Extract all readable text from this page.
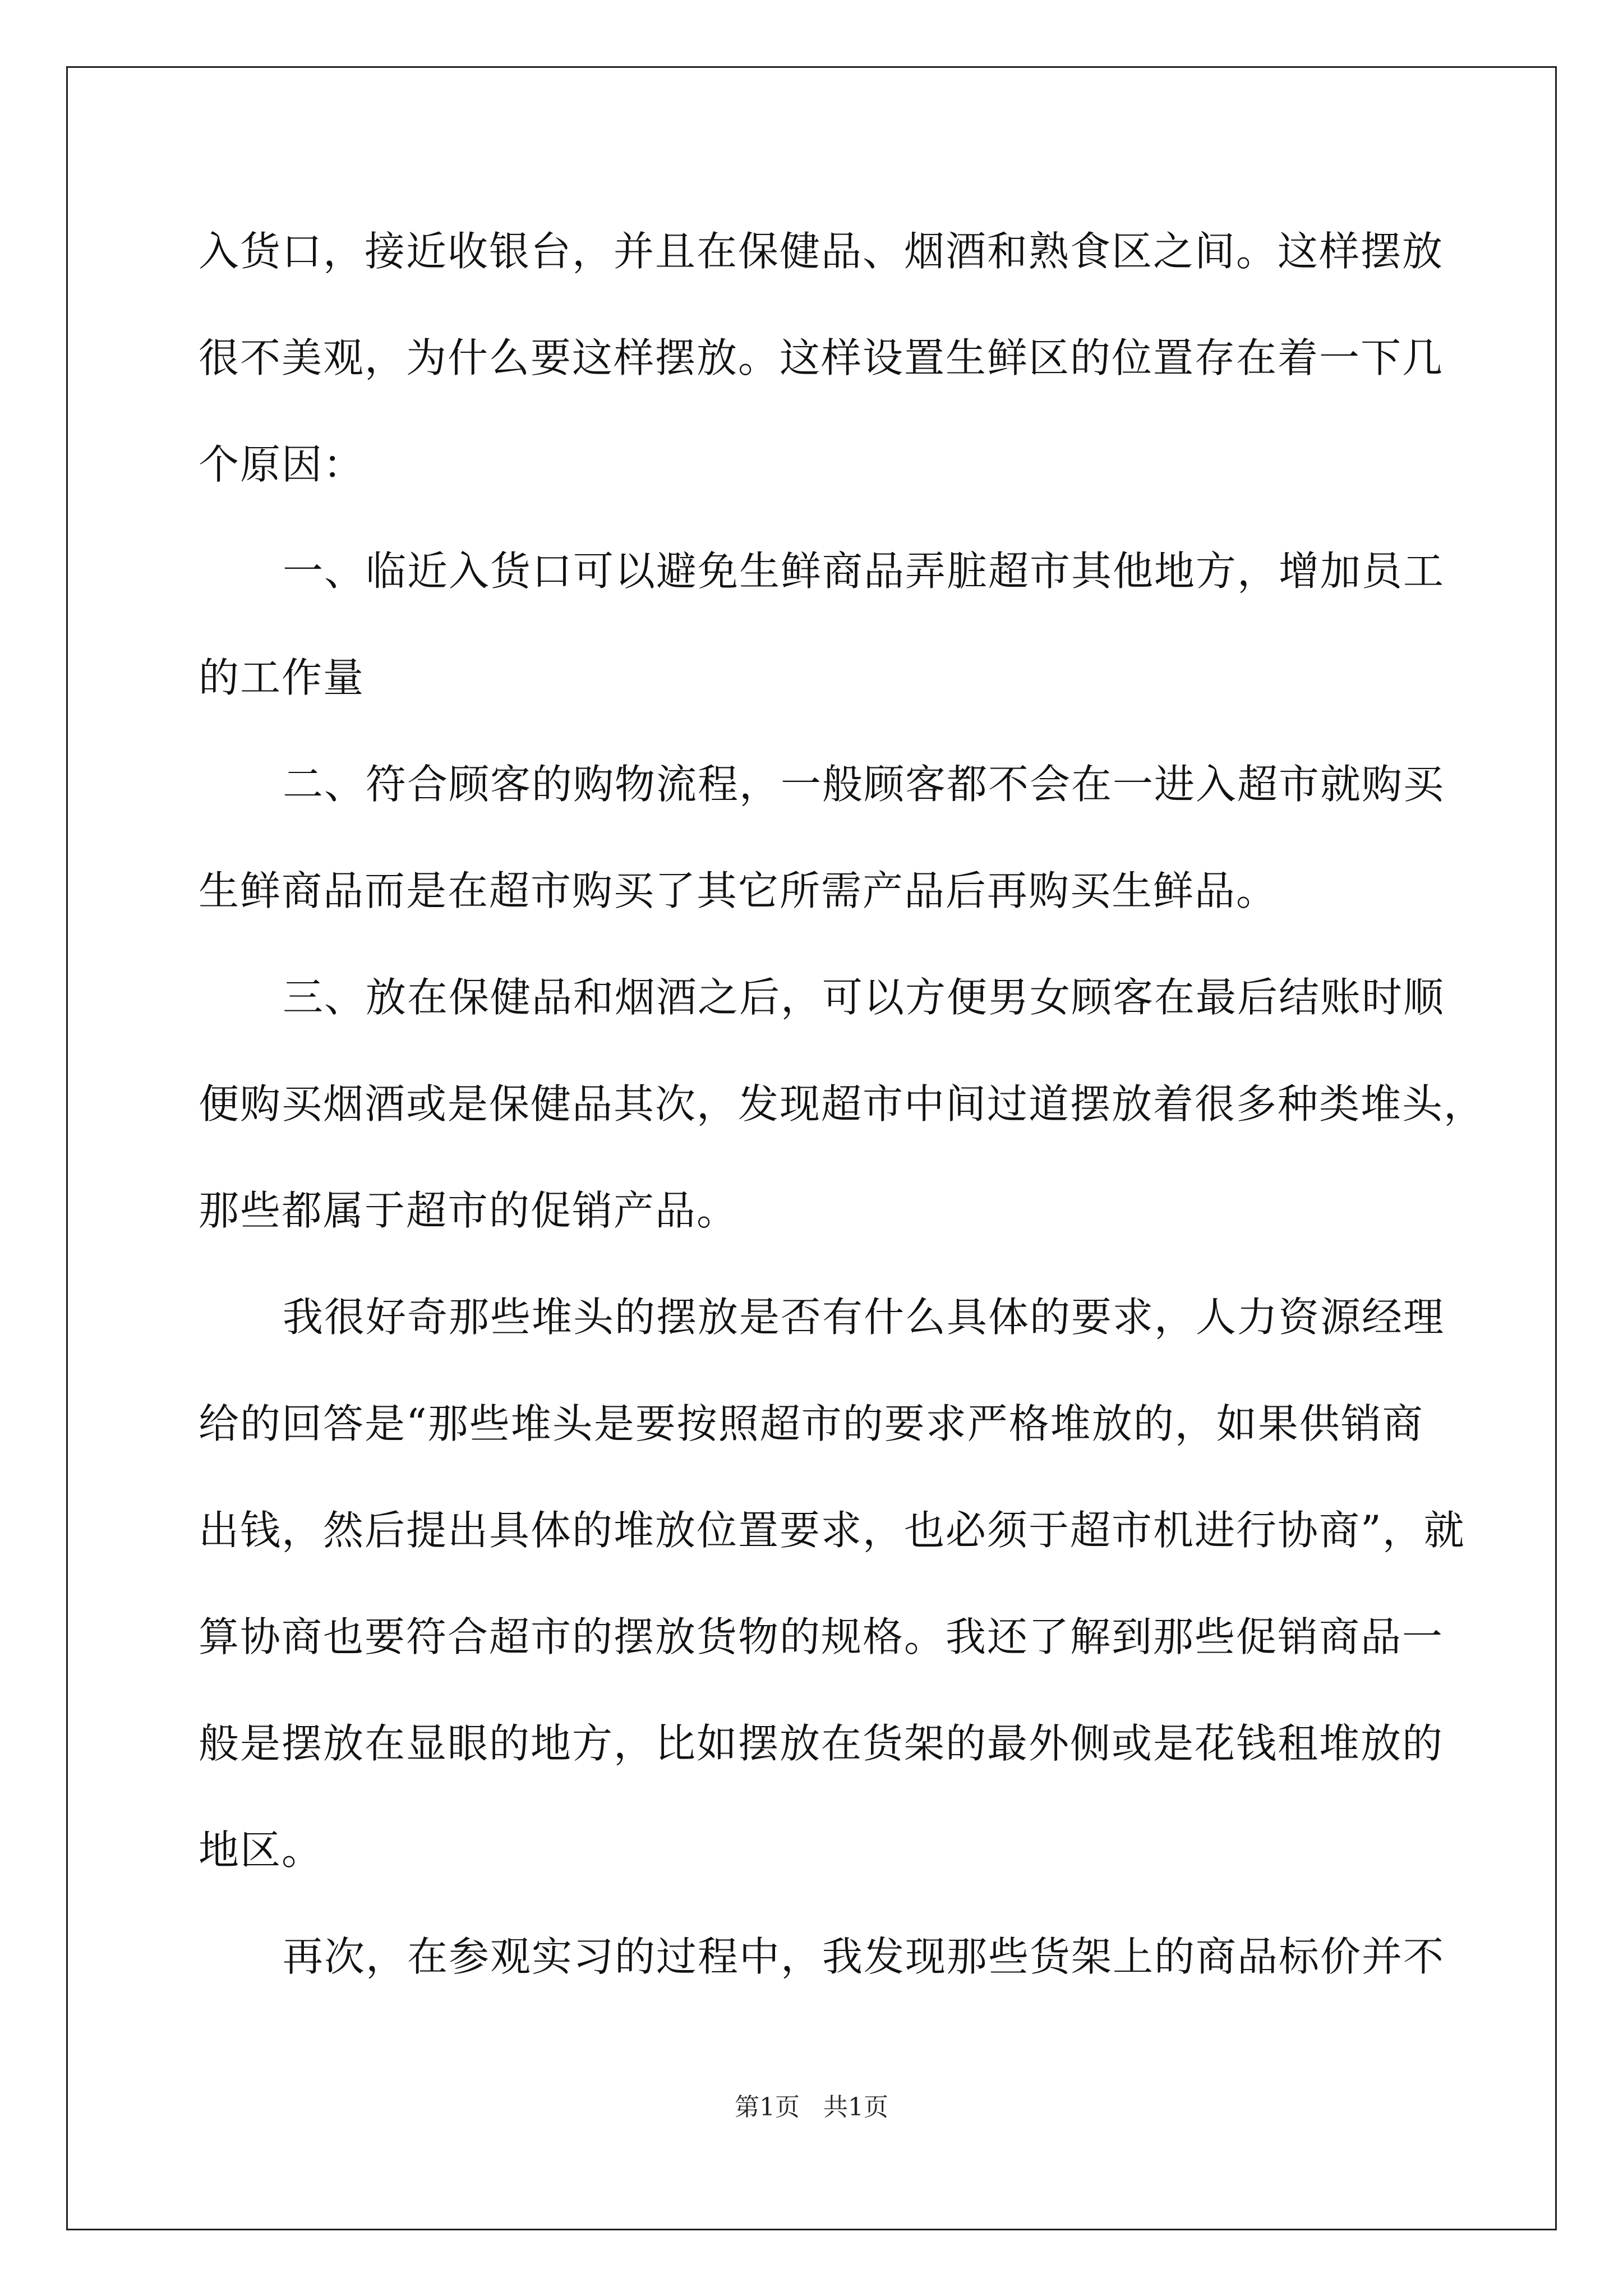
入货口，接近收银台，并且在保健品、烟酒和熟食区之间。这样摆放
很不美观，为什么要这样摆放。这样设置生鲜区的位置存在着一下几
个原因：
一、临近入货口可以避免生鲜商品弄脏超市其他地方，增加员工
的工作量
二、符合顾客的购物流程，一般顾客都不会在一进入超市就购买
生鲜商品而是在超市购买了其它所需产品后再购买生鲜品。
三、放在保健品和烟酒之后，可以方便男女顾客在最后结账时顺
便购买烟酒或是保健品其次，发现超市中间过道摆放着很多种类堆头，
那些都属于超市的促销产品。
我很好奇那些堆头的摆放是否有什么具体的要求，人力资源经理
给的回答是“那些堆头是要按照超市的要求严格堆放的，如果供销商
出钱，然后提出具体的堆放位置要求，也必须于超市机进行协商”，就
算协商也要符合超市的摆放货物的规格。我还了解到那些促销商品一
般是摆放在显眼的地方，比如摆放在货架的最外侧或是花钱租堆放的
地区。
再次，在参观实习的过程中，我发现那些货架上的商品标价并不
第1页 共1页
